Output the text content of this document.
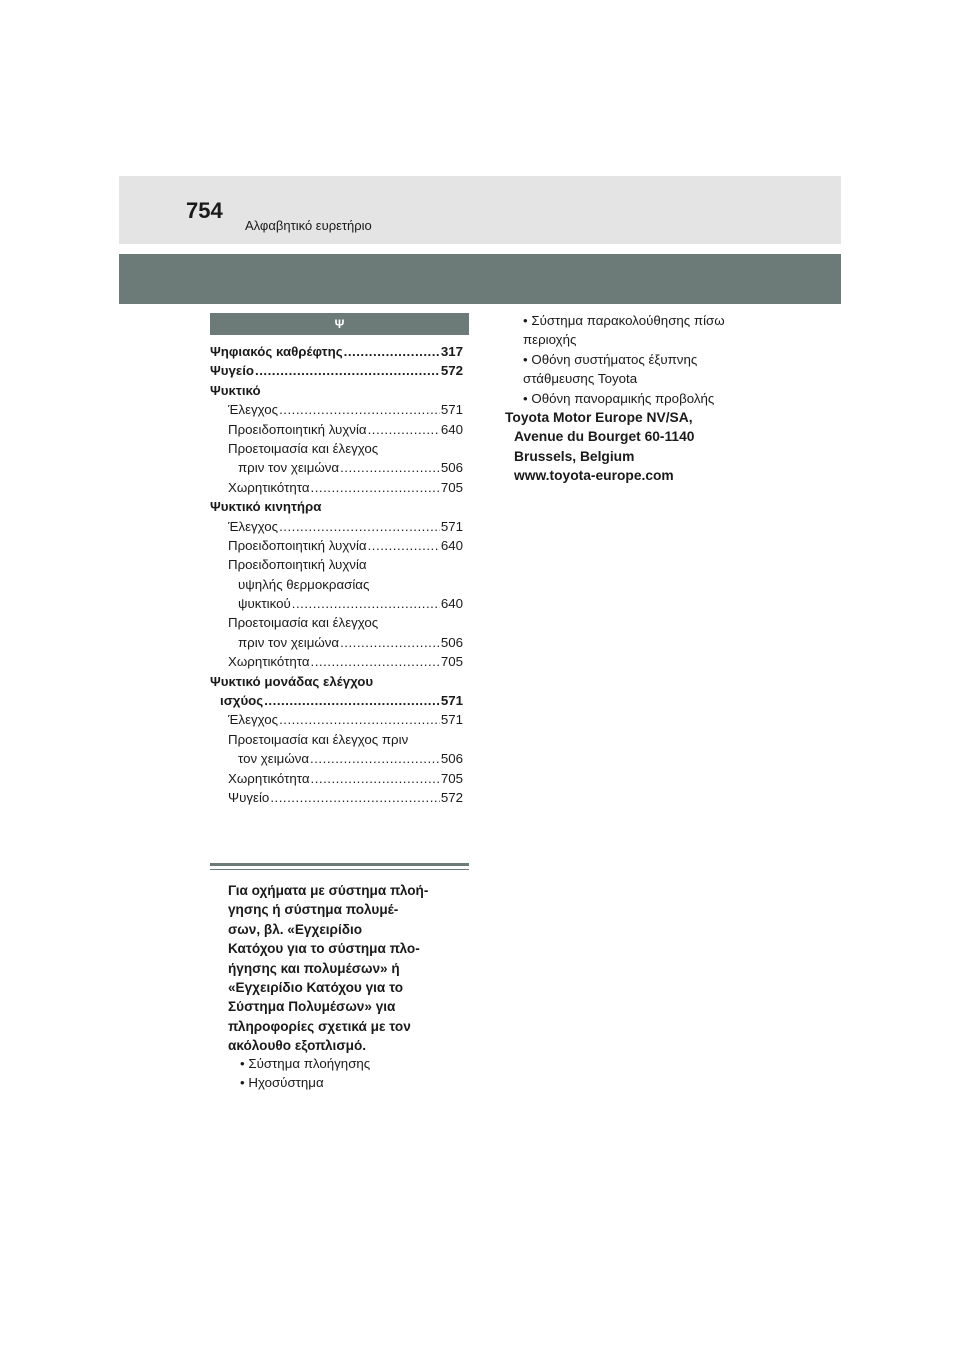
754
Αλφαβητικό ευρετήριο
Ψ
Ψηφιακός καθρέφτης .....	317
Ψυγείο .....	572
Ψυκτικό
Έλεγχος .....	571
Προειδοποιητική λυχνία .....	640
Προετοιμασία και έλεγχος
πριν τον χειμώνα .....	506
Χωρητικότητα .....	705
Ψυκτικό κινητήρα
Έλεγχος .....	571
Προειδοποιητική λυχνία .....	640
Προειδοποιητική λυχνία
υψηλής θερμοκρασίας
ψυκτικού .....	640
Προετοιμασία και έλεγχος
πριν τον χειμώνα .....	506
Χωρητικότητα .....	705
Ψυκτικό μονάδας ελέγχου
ισχύος .....	571
Έλεγχος .....	571
Προετοιμασία και έλεγχος πριν
τον χειμώνα .....	506
Χωρητικότητα .....	705
Ψυγείο .....	572
Για οχήματα με σύστημα πλοή-
γησης ή σύστημα πολυμέ-
σων, βλ. «Εγχειρίδιο
Κατόχου για το σύστημα πλο-
ήγησης και πολυμέσων» ή
«Εγχειρίδιο Κατόχου για το
Σύστημα Πολυμέσων» για
πληροφορίες σχετικά με τον
ακόλουθο εξοπλισμό.
• Σύστημα πλοήγησης
• Ηχοσύστημα
• Σύστημα παρακολούθησης πίσω
περιοχής
• Οθόνη συστήματος έξυπνης
στάθμευσης Toyota
• Οθόνη πανοραμικής προβολής
Toyota Motor Europe NV/SA,
Avenue du Bourget 60-1140
Brussels, Belgium
www.toyota-europe.com
